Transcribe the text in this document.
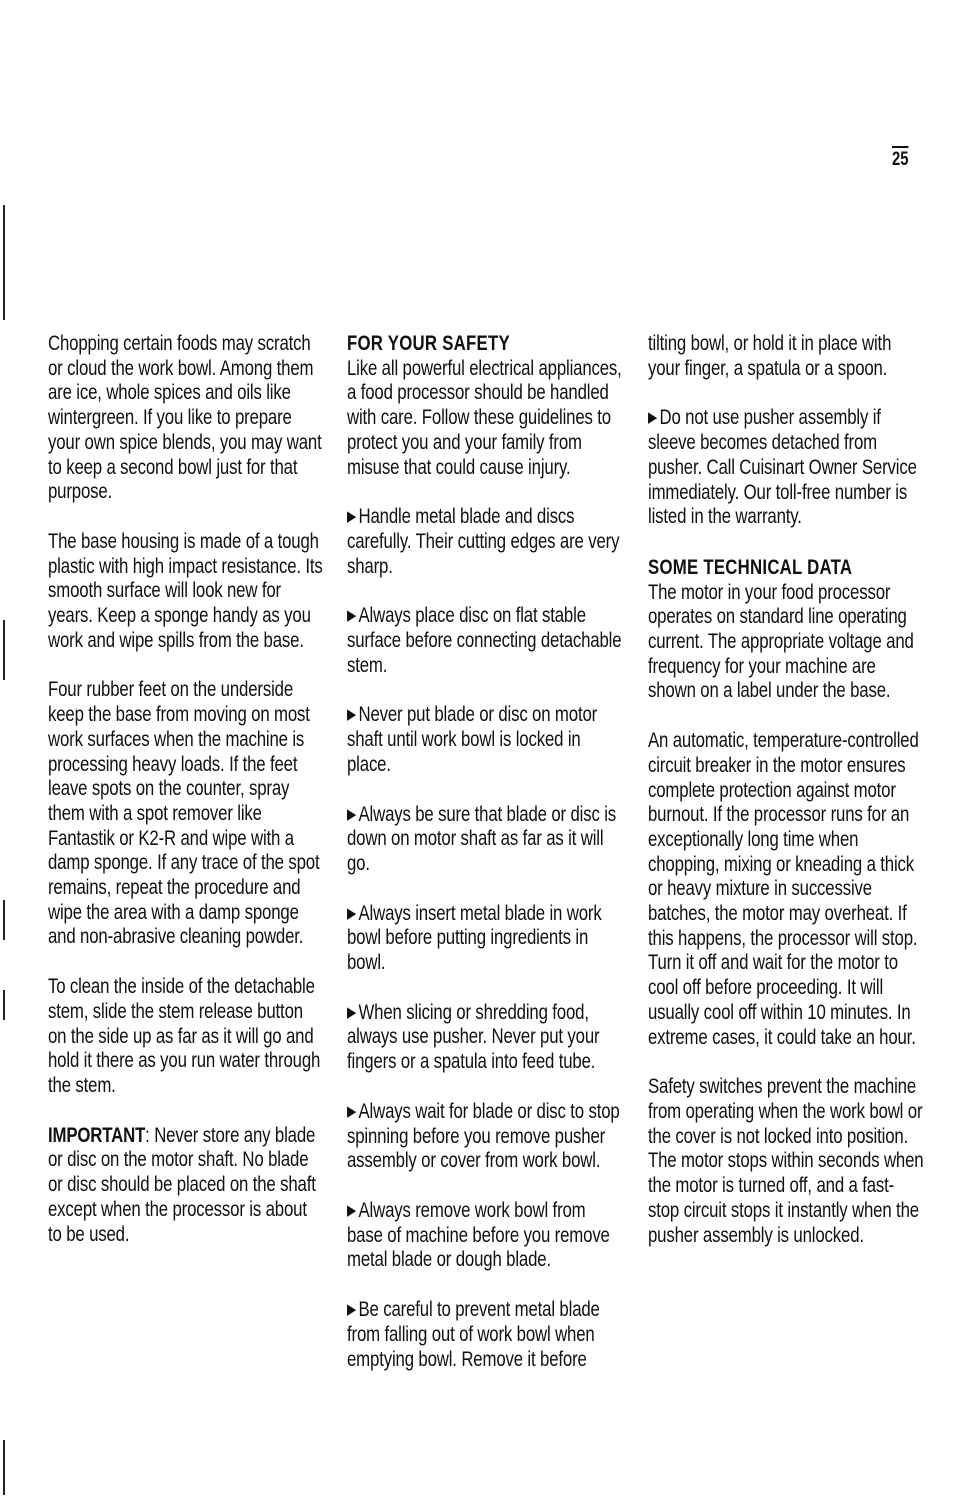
25

Chopping certain foods may scratch or cloud the work bowl. Among them are ice, whole spices and oils like wintergreen. If you like to prepare your own spice blends, you may want to keep a second bowl just for that purpose.

The base housing is made of a tough plastic with high impact resistance. Its smooth surface will look new for years. Keep a sponge handy as you work and wipe spills from the base.

Four rubber feet on the underside keep the base from moving on most work surfaces when the machine is processing heavy loads. If the feet leave spots on the counter, spray them with a spot remover like Fantastik or K2-R and wipe with a damp sponge. If any trace of the spot remains, repeat the procedure and wipe the area with a damp sponge and non-abrasive cleaning powder.

To clean the inside of the detachable stem, slide the stem release button on the side up as far as it will go and hold it there as you run water through the stem.

IMPORTANT: Never store any blade or disc on the motor shaft. No blade or disc should be placed on the shaft except when the processor is about to be used.

FOR YOUR SAFETY
Like all powerful electrical appliances, a food processor should be handled with care. Follow these guidelines to protect you and your family from misuse that could cause injury.

▶ Handle metal blade and discs carefully. Their cutting edges are very sharp.

▶ Always place disc on flat stable surface before connecting detachable stem.

▶ Never put blade or disc on motor shaft until work bowl is locked in place.

▶ Always be sure that blade or disc is down on motor shaft as far as it will go.

▶ Always insert metal blade in work bowl before putting ingredients in bowl.

▶ When slicing or shredding food, always use pusher. Never put your fingers or a spatula into feed tube.

▶ Always wait for blade or disc to stop spinning before you remove pusher assembly or cover from work bowl.

▶ Always remove work bowl from base of machine before you remove metal blade or dough blade.

▶ Be careful to prevent metal blade from falling out of work bowl when emptying bowl. Remove it before

tilting bowl, or hold it in place with your finger, a spatula or a spoon.

▶ Do not use pusher assembly if sleeve becomes detached from pusher. Call Cuisinart Owner Service immediately. Our toll-free number is listed in the warranty.

SOME TECHNICAL DATA
The motor in your food processor operates on standard line operating current. The appropriate voltage and frequency for your machine are shown on a label under the base.

An automatic, temperature-controlled circuit breaker in the motor ensures complete protection against motor burnout. If the processor runs for an exceptionally long time when chopping, mixing or kneading a thick or heavy mixture in successive batches, the motor may overheat. If this happens, the processor will stop. Turn it off and wait for the motor to cool off before proceeding. It will usually cool off within 10 minutes. In extreme cases, it could take an hour.

Safety switches prevent the machine from operating when the work bowl or the cover is not locked into position. The motor stops within seconds when the motor is turned off, and a fast-stop circuit stops it instantly when the pusher assembly is unlocked.
